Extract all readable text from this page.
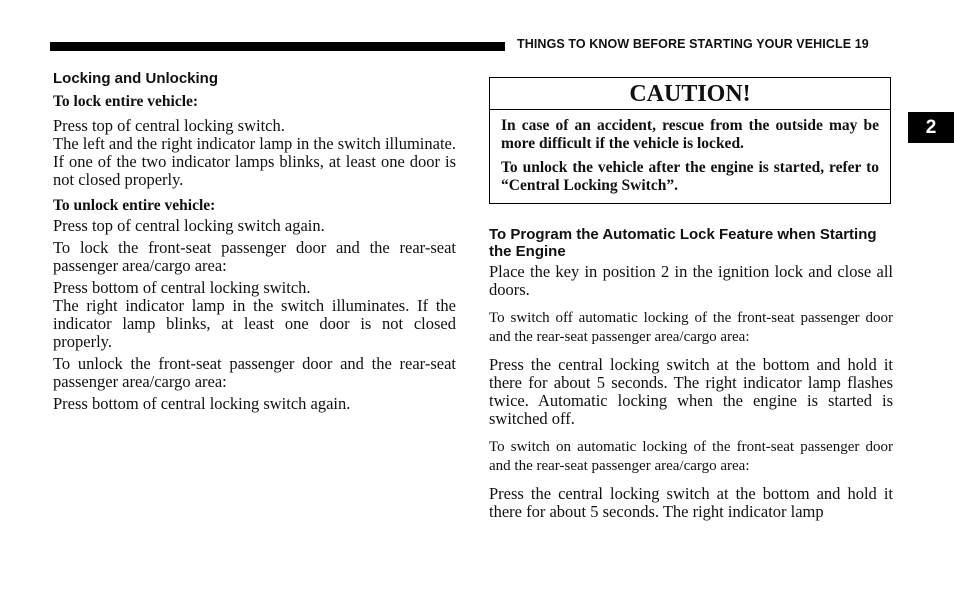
THINGS TO KNOW BEFORE STARTING YOUR VEHICLE 19
2
Locking and Unlocking
To lock entire vehicle:

Press top of central locking switch.

The left and the right indicator lamp in the switch illuminate. If one of the two indicator lamps blinks, at least one door is not closed properly.

To unlock entire vehicle:

Press top of central locking switch again.

To lock the front-seat passenger door and the rear-seat passenger area/cargo area:

Press bottom of central locking switch.

The right indicator lamp in the switch illuminates. If the indicator lamp blinks, at least one door is not closed properly.

To unlock the front-seat passenger door and the rear-seat passenger area/cargo area:

Press bottom of central locking switch again.

CAUTION!

In case of an accident, rescue from the outside may be more difficult if the vehicle is locked.

To unlock the vehicle after the engine is started, refer to “Central Locking Switch”.

To Program the Automatic Lock Feature when Starting the Engine

Place the key in position 2 in the ignition lock and close all doors.

To switch off automatic locking of the front-seat passenger door and the rear-seat passenger area/cargo area:

Press the central locking switch at the bottom and hold it there for about 5 seconds. The right indicator lamp flashes twice. Automatic locking when the engine is started is switched off.

To switch on automatic locking of the front-seat passenger door and the rear-seat passenger area/cargo area:

Press the central locking switch at the bottom and hold it there for about 5 seconds. The right indicator lamp
